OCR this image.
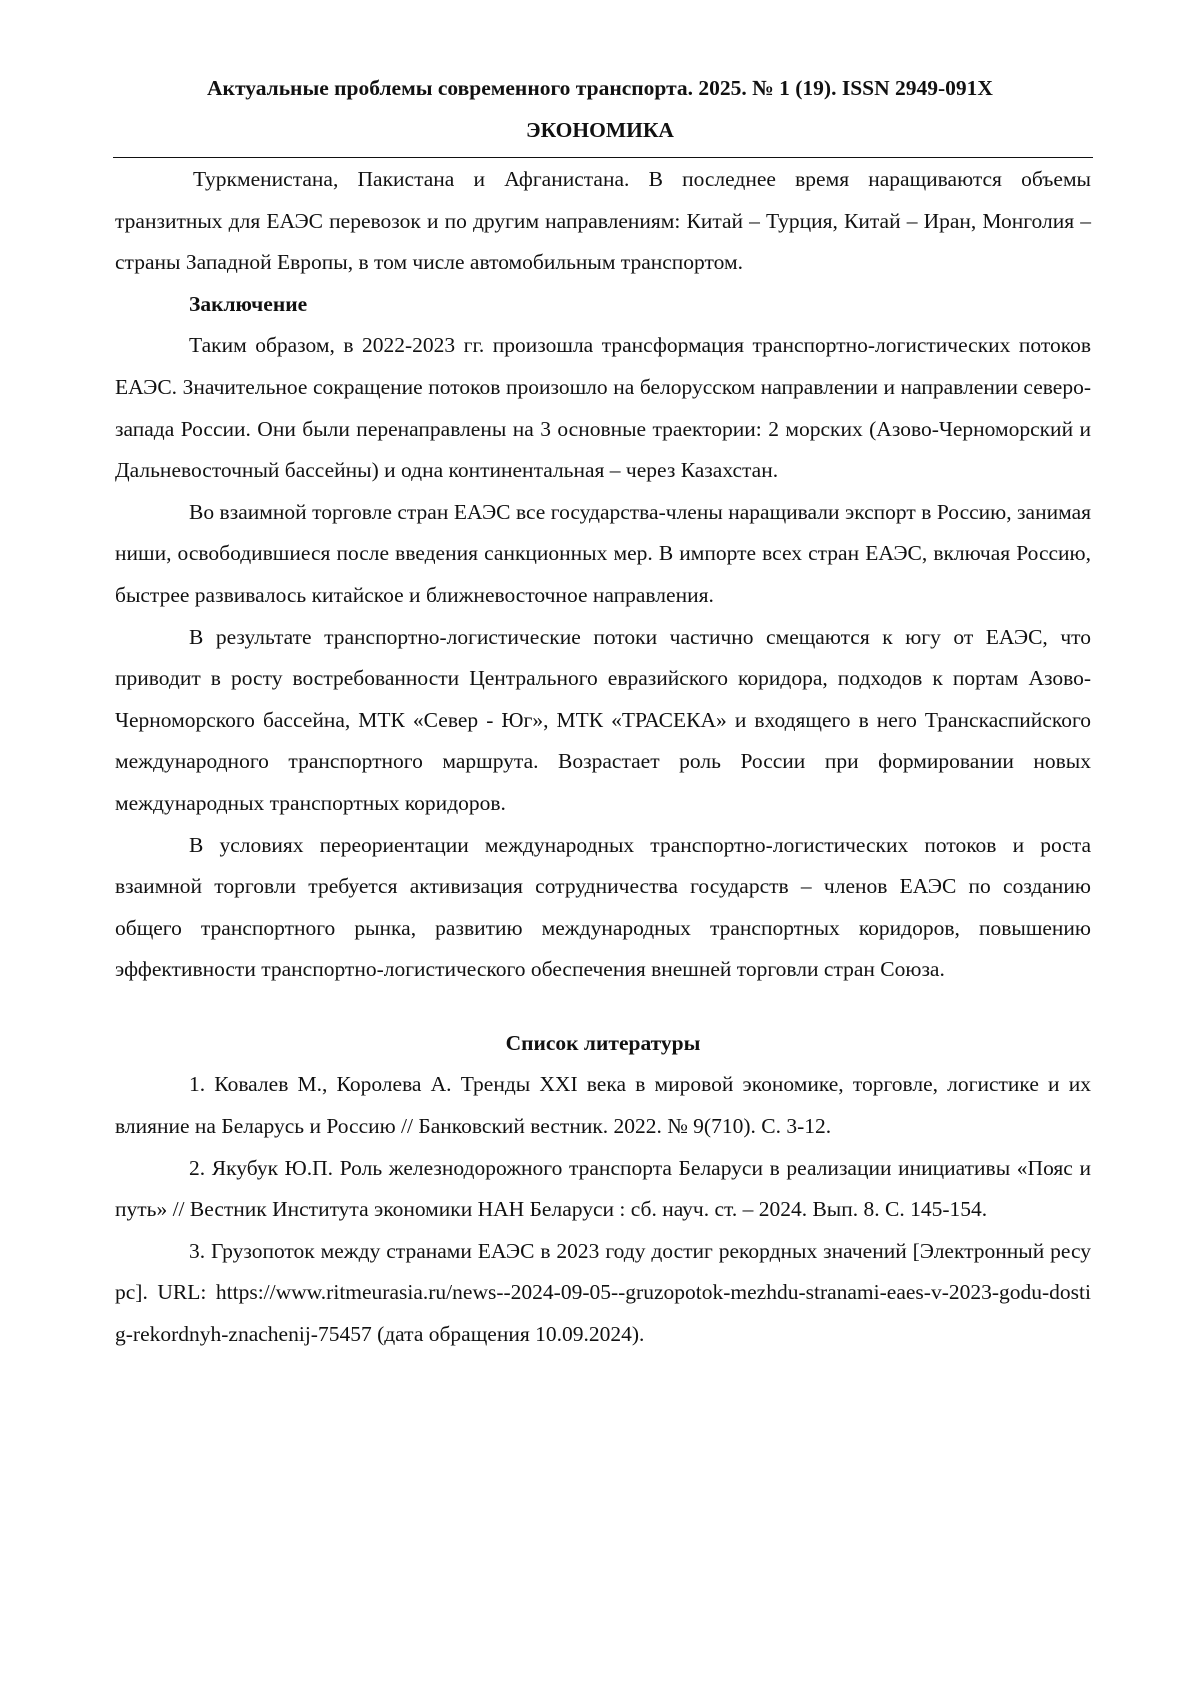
Актуальные проблемы современного транспорта. 2025. № 1 (19). ISSN 2949-091X
ЭКОНОМИКА

Туркменистана, Пакистана и Афганистана. В последнее время наращиваются объемы транзитных для ЕАЭС перевозок и по другим направлениям: Китай – Турция, Китай – Иран, Монголия – страны Западной Европы, в том числе автомобильным транспортом.

Заключение

Таким образом, в 2022-2023 гг. произошла трансформация транспортно-логистических потоков ЕАЭС. Значительное сокращение потоков произошло на белорусском направлении и направлении северо-запада России. Они были перенаправлены на 3 основные траектории: 2 морских (Азово-Черноморский и Дальневосточный бассейны) и одна континентальная – через Казахстан.

Во взаимной торговле стран ЕАЭС все государства-члены наращивали экспорт в Россию, занимая ниши, освободившиеся после введения санкционных мер. В импорте всех стран ЕАЭС, включая Россию, быстрее развивалось китайское и ближневосточное направления.

В результате транспортно-логистические потоки частично смещаются к югу от ЕАЭС, что приводит в росту востребованности Центрального евразийского коридора, подходов к портам Азово-Черноморского бассейна, МТК «Север - Юг», МТК «ТРАСЕКА» и входящего в него Транскаспийского международного транспортного маршрута. Возрастает роль России при формировании новых международных транспортных коридоров.

В условиях переориентации международных транспортно-логистических потоков и роста взаимной торговли требуется активизация сотрудничества государств – членов ЕАЭС по созданию общего транспортного рынка, развитию международных транспортных коридоров, повышению эффективности транспортно-логистического обеспечения внешней торговли стран Союза.

Список литературы

1. Ковалев М., Королева А. Тренды XXI века в мировой экономике, торговле, логистике и их влияние на Беларусь и Россию // Банковский вестник. 2022. № 9(710). С. 3-12.

2. Якубук Ю.П. Роль железнодорожного транспорта Беларуси в реализации инициативы «Пояс и путь» // Вестник Института экономики НАН Беларуси : сб. науч. ст. – 2024. Вып. 8. С. 145-154.

3. Грузопоток между странами ЕАЭС в 2023 году достиг рекордных значений [Электронный ресурс]. URL: https://www.ritmeurasia.ru/news--2024-09-05--gruzopotok-mezhdu-stranami-eaes-v-2023-godu-dostig-rekordnyh-znachenij-75457 (дата обращения 10.09.2024).
